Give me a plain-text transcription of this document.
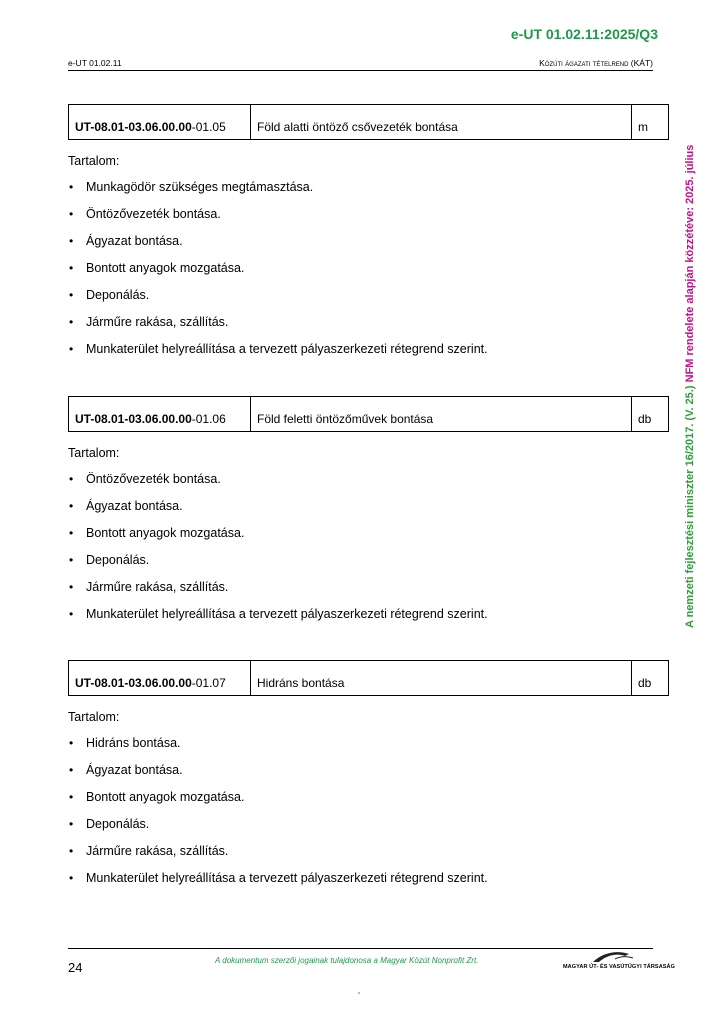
e-UT 01.02.11:2025/Q3
e-UT 01.02.11	Közúti ágazati tételrend (KÁT)

A nemzeti fejlesztési miniszter 16/2017. (V. 25.) NFM rendelete alapján közzétéve: 2025. július
UT-08.01-03.06.00.00 -01.05	Föld alatti öntöző csővezeték bontása	m
Tartalom:
• Munkagödör szükséges megtámasztása.
• Öntözővezeték bontása.
• Ágyazat bontása.
• Bontott anyagok mozgatása.
• Deponálás.
• Járműre rakása, szállítás.
• Munkaterület helyreállítása a tervezett pályaszerkezeti rétegrend szerint.
UT-08.01-03.06.00.00 -01.06	Föld feletti öntözőművek bontása	db
Tartalom:
• Öntözővezeték bontása.
• Ágyazat bontása.
• Bontott anyagok mozgatása.
• Deponálás.
• Járműre rakása, szállítás.
• Munkaterület helyreállítása a tervezett pályaszerkezeti rétegrend szerint.
UT-08.01-03.06.00.00 -01.07	Hidráns bontása	db
Tartalom:
• Hidráns bontása.
• Ágyazat bontása.
• Bontott anyagok mozgatása.
• Deponálás.
• Járműre rakása, szállítás.
• Munkaterület helyreállítása a tervezett pályaszerkezeti rétegrend szerint.
24	A dokumentum szerzői jogainak tulajdonosa a Magyar Közút Nonprofit Zrt.
MAGYAR ÚT- ÉS VASÚTÜGYI TÁRSASÁG
